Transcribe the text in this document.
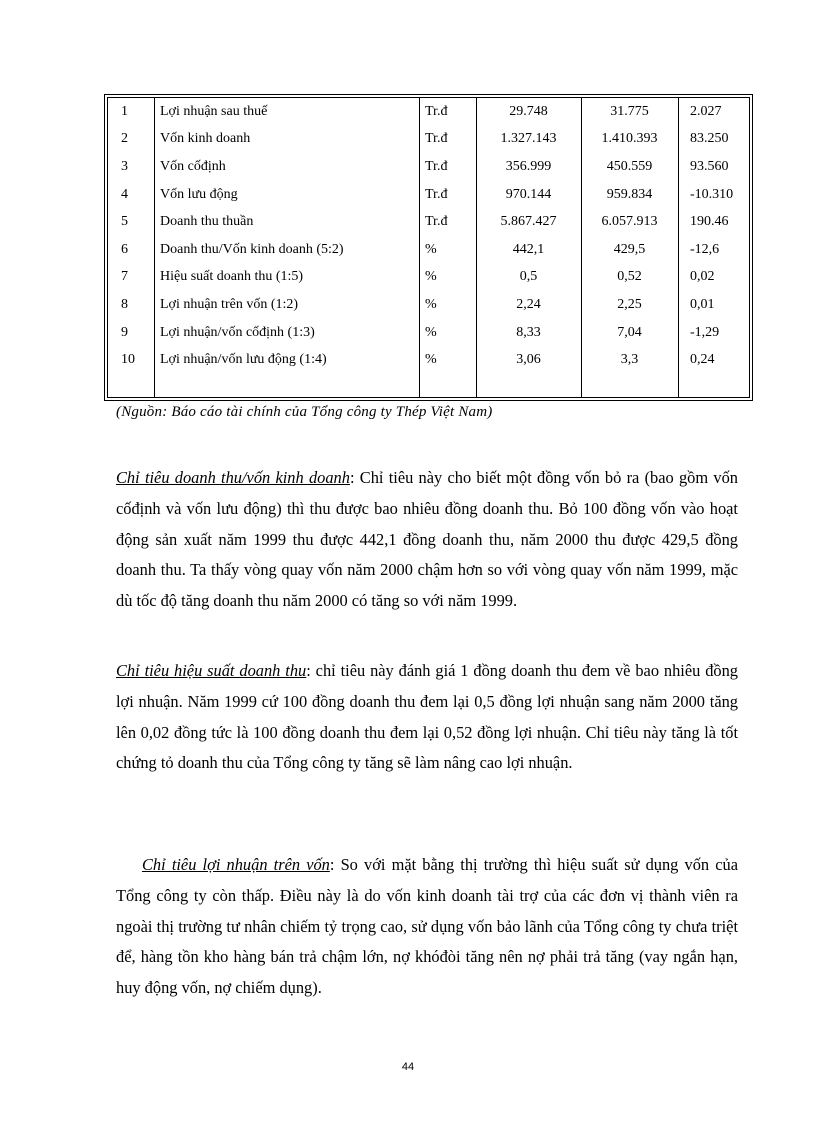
1	Lợi nhuận sau thuế	Tr.đ	29.748	31.775	2.027
2	Vốn kinh doanh	Tr.đ	1.327.143	1.410.393	83.250
3	Vốn cốđịnh	Tr.đ	356.999	450.559	93.560
4	Vốn lưu động	Tr.đ	970.144	959.834	-10.310
5	Doanh thu thuần	Tr.đ	5.867.427	6.057.913	190.46
6	Doanh thu/Vốn kinh doanh (5:2)	%	442,1	429,5	-12,6
7	Hiệu suất doanh thu (1:5)	%	0,5	0,52	0,02
8	Lợi nhuận trên vốn (1:2)	%	2,24	2,25	0,01
9	Lợi nhuận/vốn cốđịnh (1:3)	%	8,33	7,04	-1,29
10	Lợi nhuận/vốn lưu động (1:4)	%	3,06	3,3	0,24
(Nguồn: Báo cáo tài chính của Tổng công ty Thép Việt Nam)
Chỉ tiêu doanh thu/vốn kinh doanh: Chỉ tiêu này cho biết một đồng vốn bỏ ra (bao gồm vốn cốđịnh và vốn lưu động) thì thu được bao nhiêu đồng doanh thu. Bỏ 100 đồng vốn vào hoạt động sản xuất năm 1999 thu được 442,1 đồng doanh thu, năm 2000 thu được 429,5 đồng doanh thu. Ta thấy vòng quay vốn năm 2000 chậm hơn so với vòng quay vốn năm 1999, mặc dù tốc độ tăng doanh thu năm 2000 có tăng so với năm 1999.
Chỉ tiêu hiệu suất doanh thu: chỉ tiêu này đánh giá 1 đồng doanh thu đem về bao nhiêu đồng lợi nhuận. Năm 1999 cứ 100 đồng doanh thu đem lại 0,5 đồng lợi nhuận sang năm 2000 tăng lên 0,02 đồng tức là 100 đồng doanh thu đem lại 0,52 đồng lợi nhuận. Chỉ tiêu này tăng là tốt chứng tỏ doanh thu của Tổng công ty tăng sẽ làm nâng cao lợi nhuận.
Chỉ tiêu lợi nhuận trên vốn: So với mặt bằng thị trường thì hiệu suất sử dụng vốn của Tổng công ty còn thấp. Điều này là do vốn kinh doanh tài trợ của các đơn vị thành viên ra ngoài thị trường tư nhân chiếm tỷ trọng cao, sử dụng vốn bảo lãnh của Tổng công ty chưa triệt để, hàng tồn kho hàng bán trả chậm lớn, nợ khóđòi tăng nên nợ phải trả tăng (vay ngắn hạn, huy động vốn, nợ chiếm dụng).
44
